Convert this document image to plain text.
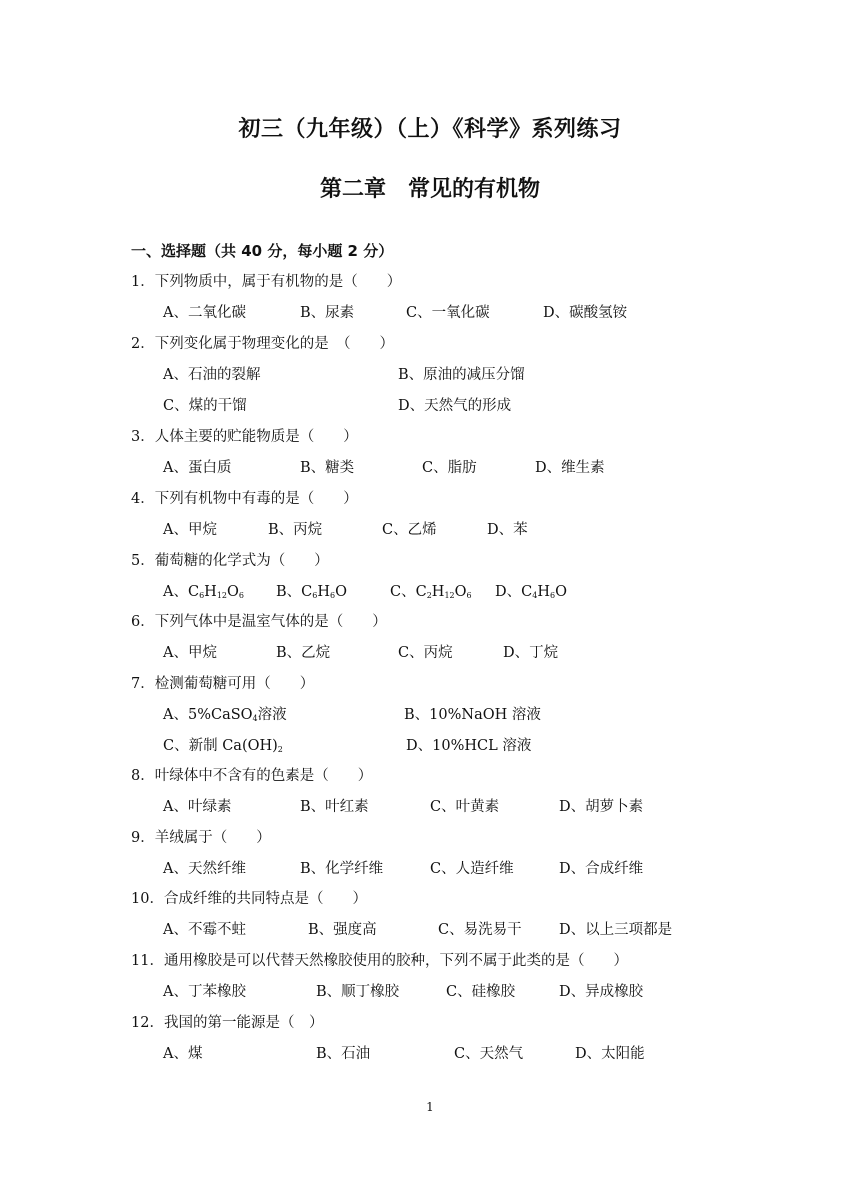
初三（九年级）（上）《科学》系列练习
第二章 常见的有机物
一、选择题（共 40 分，每小题 2 分）
1．下列物质中，属于有机物的是（　　）
A、二氧化碳	B、尿素	C、一氧化碳	D、碳酸氢铵
2．下列变化属于物理变化的是　（　　）
A、石油的裂解	B、原油的减压分馏
C、煤的干馏	D、天然气的形成
3．人体主要的贮能物质是（　　）
A、蛋白质	B、糖类	C、脂肪	D、维生素
4．下列有机物中有毒的是（　　）
A、甲烷	B、丙烷	C、乙烯	D、苯
5．葡萄糖的化学式为（　　）
A、$C_6H_{12}O_6$ B、$C_6H_6O$	C、$C_2H_{12}O_6$ D、$C_4H_6O$
6．下列气体中是温室气体的是（　　）
A、甲烷	B、乙烷	C、丙烷	D、丁烷
7．检测葡萄糖可用（　　）
A、5%CaSO$_4$溶液	B、10%NaOH 溶液
C、新制 $Ca(OH)_2$	D、10%HCL 溶液
8．叶绿体中不含有的色素是（　　）
A、叶绿素	B、叶红素	C、叶黄素	D、胡萝卜素
9．羊绒属于（　　）
A、天然纤维	B、化学纤维	C、人造纤维	D、合成纤维
10．合成纤维的共同特点是（　　）
A、不霉不蛀	B、强度高	C、易洗易干	D、以上三项都是
11．通用橡胶是可以代替天然橡胶使用的胶种，下列不属于此类的是（　　）
A、丁苯橡胶	B、顺丁橡胶	C、硅橡胶	D、异成橡胶
12．我国的第一能源是（　）
A、煤	B、石油	C、天然气	D、太阳能
1
